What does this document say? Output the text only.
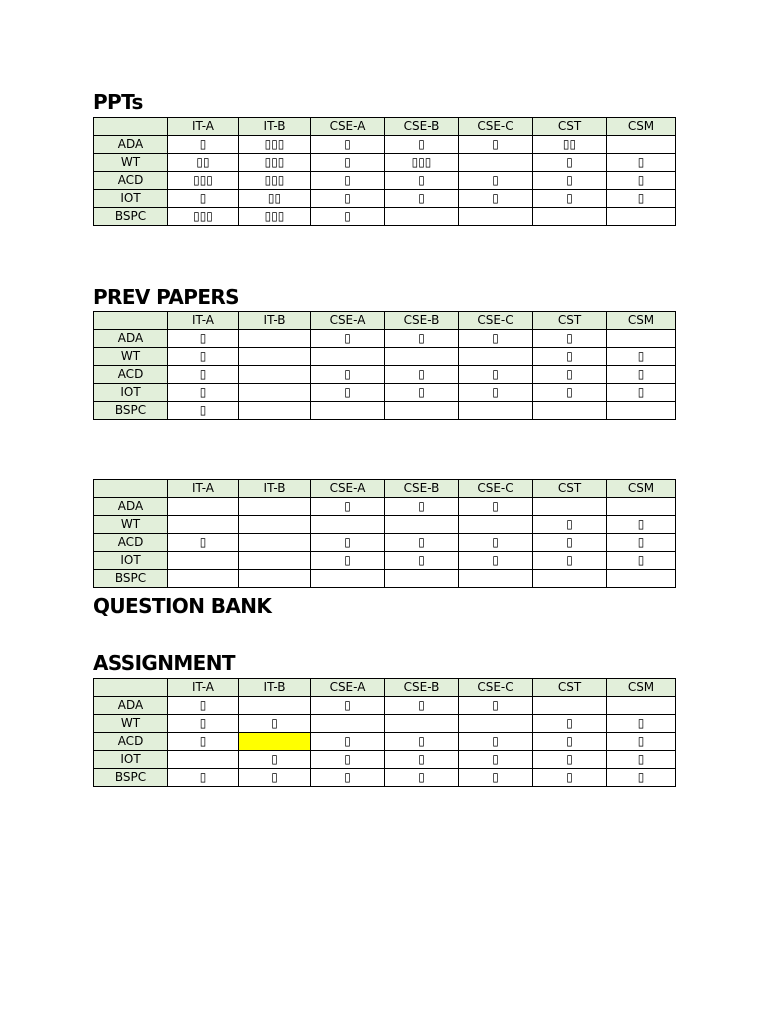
PPTs
	IT-A	IT-B	CSE-A	CSE-B	CSE-C	CST	CSM
ADA	▯	▯▯▯	▯	▯	▯	▯▯	
WT	▯▯	▯▯▯	▯	▯▯▯		▯	▯
ACD	▯▯▯	▯▯▯	▯	▯	▯	▯	▯
IOT	▯	▯▯	▯	▯	▯	▯	▯
BSPC	▯▯▯	▯▯▯	▯				
PREV PAPERS
	IT-A	IT-B	CSE-A	CSE-B	CSE-C	CST	CSM
ADA	▯		▯	▯	▯	▯	
WT	▯					▯	▯
ACD	▯		▯	▯	▯	▯	▯
IOT	▯		▯	▯	▯	▯	▯
BSPC	▯						
	IT-A	IT-B	CSE-A	CSE-B	CSE-C	CST	CSM
ADA			▯	▯	▯		
WT						▯	▯
ACD	▯		▯	▯	▯	▯	▯
IOT			▯	▯	▯	▯	▯
BSPC							
QUESTION BANK
ASSIGNMENT
	IT-A	IT-B	CSE-A	CSE-B	CSE-C	CST	CSM
ADA	▯		▯	▯	▯		
WT	▯	▯				▯	▯
ACD	▯		▯	▯	▯	▯	▯
IOT		▯	▯	▯	▯	▯	▯
BSPC	▯	▯	▯	▯	▯	▯	▯
